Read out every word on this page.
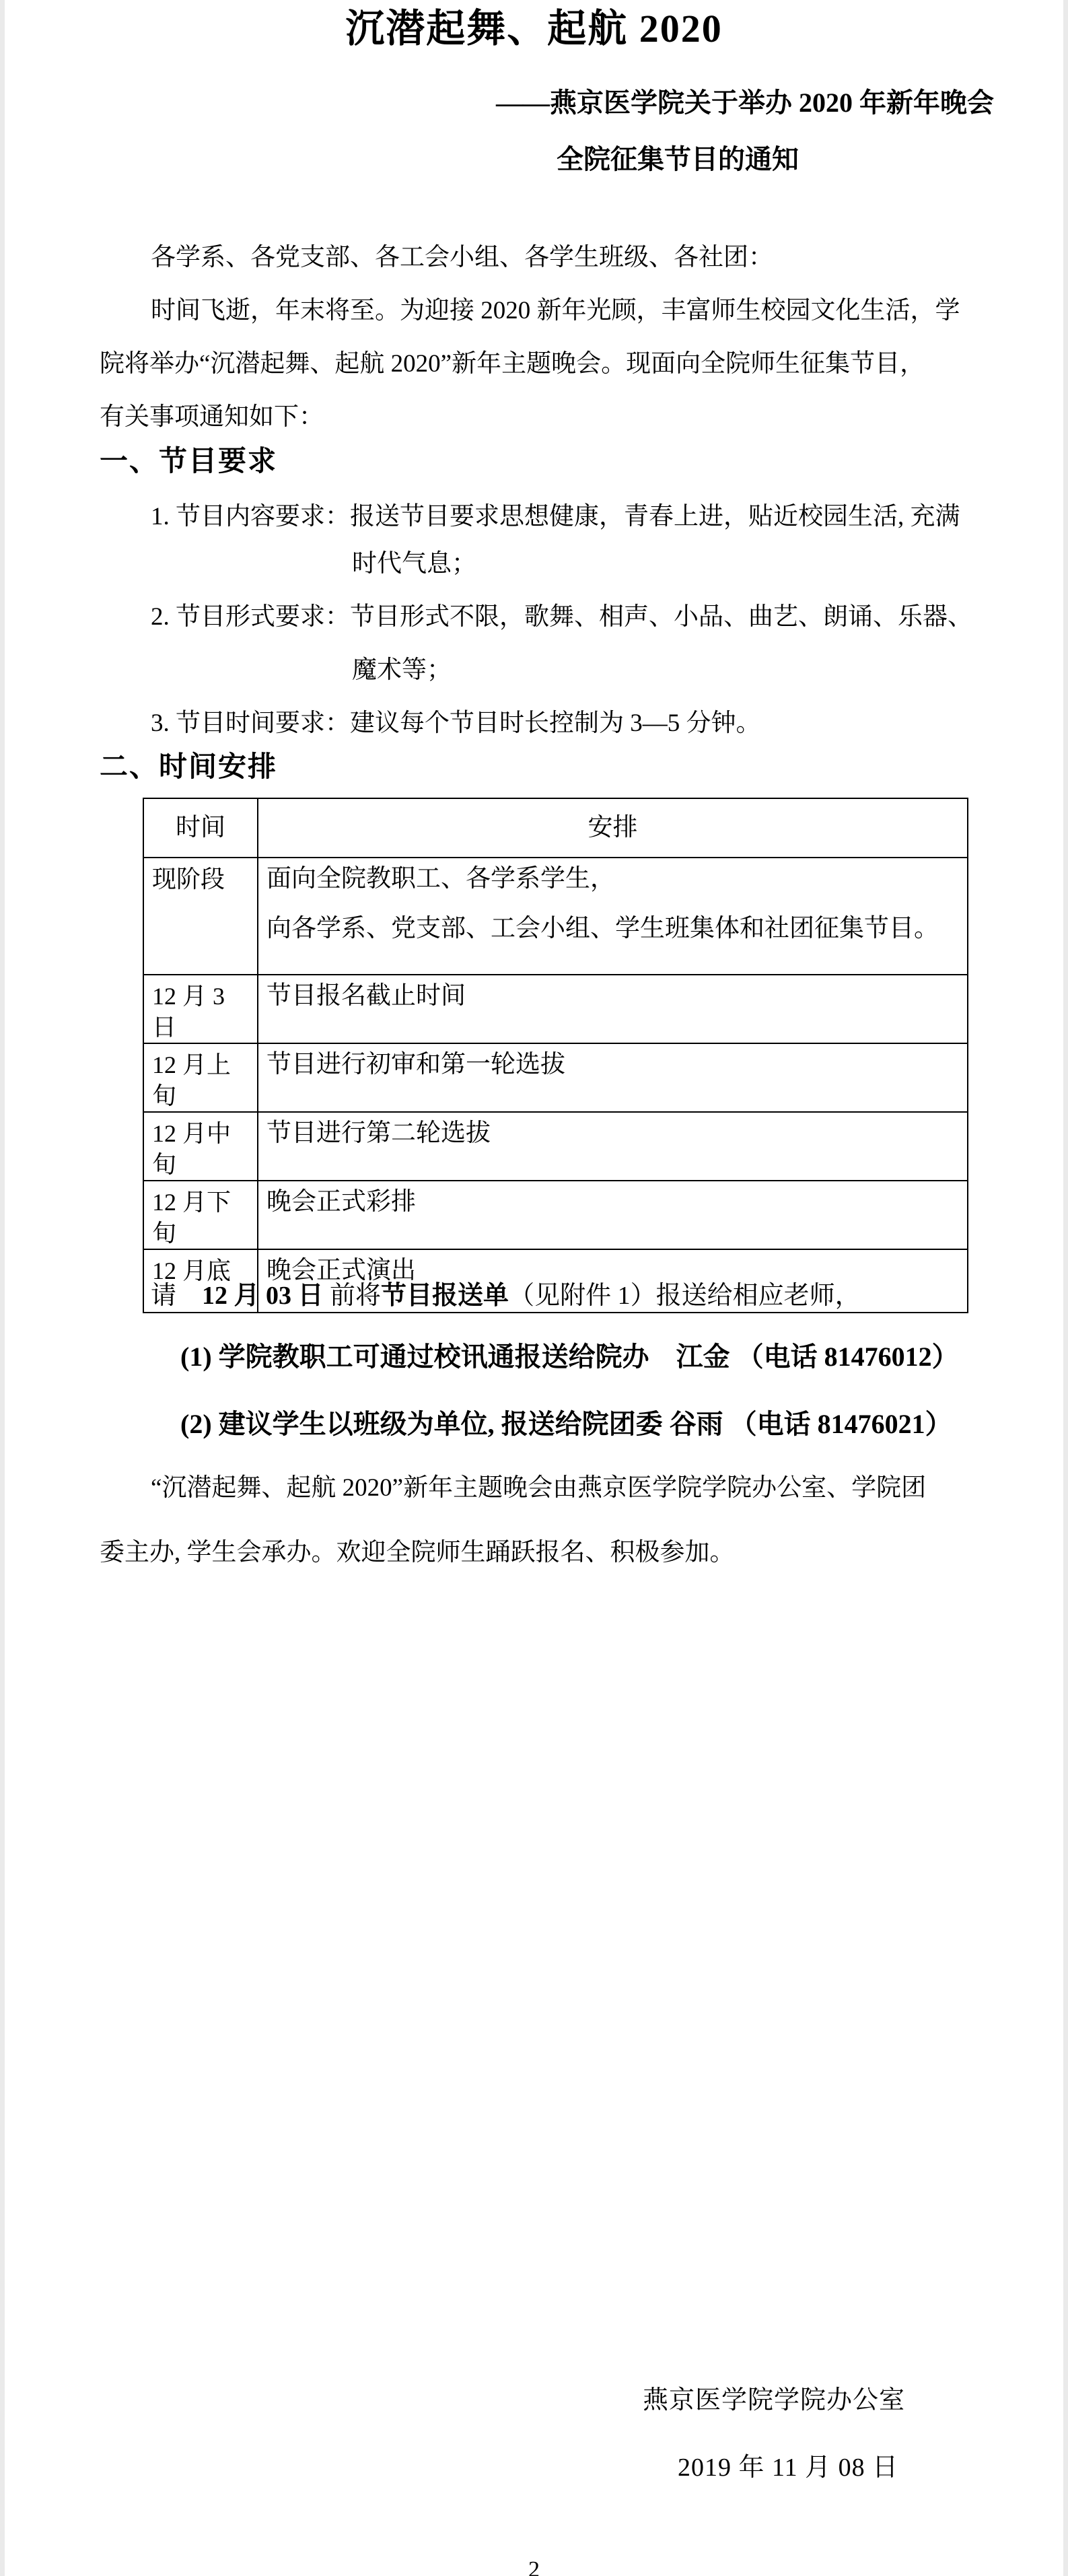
沉潜起舞、起航 2020
——燕京医学院关于举办 2020 年新年晚会
全院征集节目的通知
各学系、各党支部、各工会小组、各学生班级、各社团：
时间飞逝，年末将至。为迎接 2020 新年光顾，丰富师生校园文化生活，学
院将举办“沉潜起舞、起航 2020”新年主题晚会。现面向全院师生征集节目，
有关事项通知如下：
一、节目要求
1. 节目内容要求：报送节目要求思想健康，青春上进，贴近校园生活, 充满
时代气息；
2. 节目形式要求：节目形式不限，歌舞、相声、小品、曲艺、朗诵、乐器、
魔术等；
3. 节目时间要求：建议每个节目时长控制为 3—5 分钟。
二、时间安排
时间	安排
现阶段	面向全院教职工、各学系学生，
向各学系、党支部、工会小组、学生班集体和社团征集节目。

12 月 3 日	节目报名截止时间
12 月上旬	节目进行初审和第一轮选拔
12 月中旬	节目进行第二轮选拔
12 月下旬	晚会正式彩排
12 月底	晚会正式演出
请　12 月 03 日 前将节目报送单（见附件 1）报送给相应老师，
(1) 学院教职工可通过校讯通报送给院办　江金 （电话 81476012）
(2) 建议学生以班级为单位, 报送给院团委 谷雨 （电话 81476021）
“沉潜起舞、起航 2020”新年主题晚会由燕京医学院学院办公室、学院团
委主办, 学生会承办。欢迎全院师生踊跃报名、积极参加。
燕京医学院学院办公室
2019 年 11 月 08 日
2
